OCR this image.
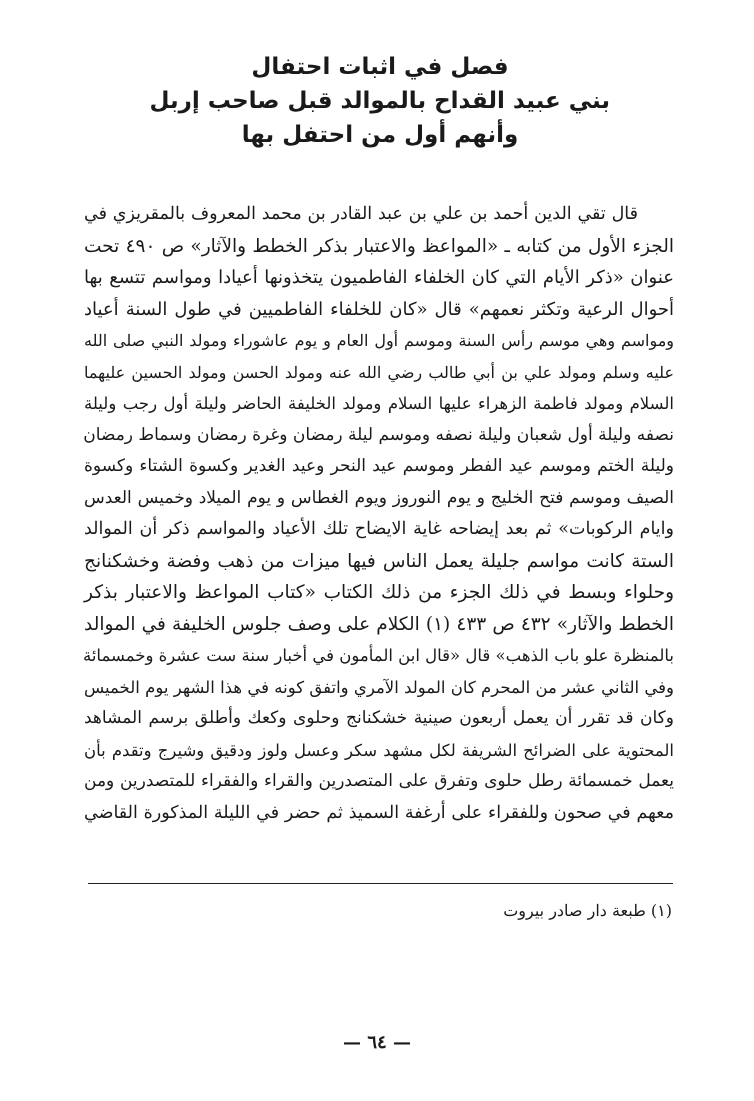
فصل في اثبات احتفال
بني عبيد القداح بالموالد قبل صاحب إربل
وأنهم أول من احتفل بها
قال تقي الدين أحمد بن علي بن عبد القادر بن محمد المعروف بالمقريزي في
الجزء الأول من كتابه ـ «المواعظ والاعتبار بذكر الخطط والآثار» ص ٤٩٠ تحت
عنوان «ذكر الأيام التي كان الخلفاء الفاطميون يتخذونها أعيادا ومواسم تتسع بها
أحوال الرعية وتكثر نعمهم» قال «كان للخلفاء الفاطميين في طول السنة أعياد
ومواسم وهي موسم رأس السنة وموسم أول العام و يوم عاشوراء ومولد النبي صلى الله
عليه وسلم ومولد علي بن أبي طالب رضي الله عنه ومولد الحسن ومولد الحسين عليهما
السلام ومولد فاطمة الزهراء عليها السلام ومولد الخليفة الحاضر وليلة أول رجب وليلة
نصفه وليلة أول شعبان وليلة نصفه وموسم ليلة رمضان وغرة رمضان وسماط رمضان
وليلة الختم وموسم عيد الفطر وموسم عيد النحر وعيد الغدير وكسوة الشتاء وكسوة
الصيف وموسم فتح الخليج و يوم النوروز ويوم الغطاس و يوم الميلاد وخميس العدس
وايام الركوبات» ثم بعد إيضاحه غاية الايضاح تلك الأعياد والمواسم ذكر أن الموالد
الستة كانت مواسم جليلة يعمل الناس فيها ميزات من ذهب وفضة وخشكنانج
وحلواء وبسط في ذلك الجزء من ذلك الكتاب «كتاب المواعظ والاعتبار بذكر
الخطط والآثار» ٤٣٢ ص ٤٣٣ (١) الكلام على وصف جلوس الخليفة في الموالد
بالمنظرة علو باب الذهب» قال «قال ابن المأمون في أخبار سنة ست عشرة وخمسمائة
وفي الثاني عشر من المحرم كان المولد الآمري واتفق كونه في هذا الشهر يوم الخميس
وكان قد تقرر أن يعمل أربعون صينية خشكنانج وحلوى وكعك وأطلق برسم المشاهد
المحتوية على الضرائح الشريفة لكل مشهد سكر وعسل ولوز ودقيق وشيرج وتقدم بأن
يعمل خمسمائة رطل حلوى وتفرق على المتصدرين والقراء والفقراء للمتصدرين ومن
معهم في صحون وللفقراء على أرغفة السميذ ثم حضر في الليلة المذكورة القاضي
(١) طبعة دار صادر بيروت
— ٦٤ —
